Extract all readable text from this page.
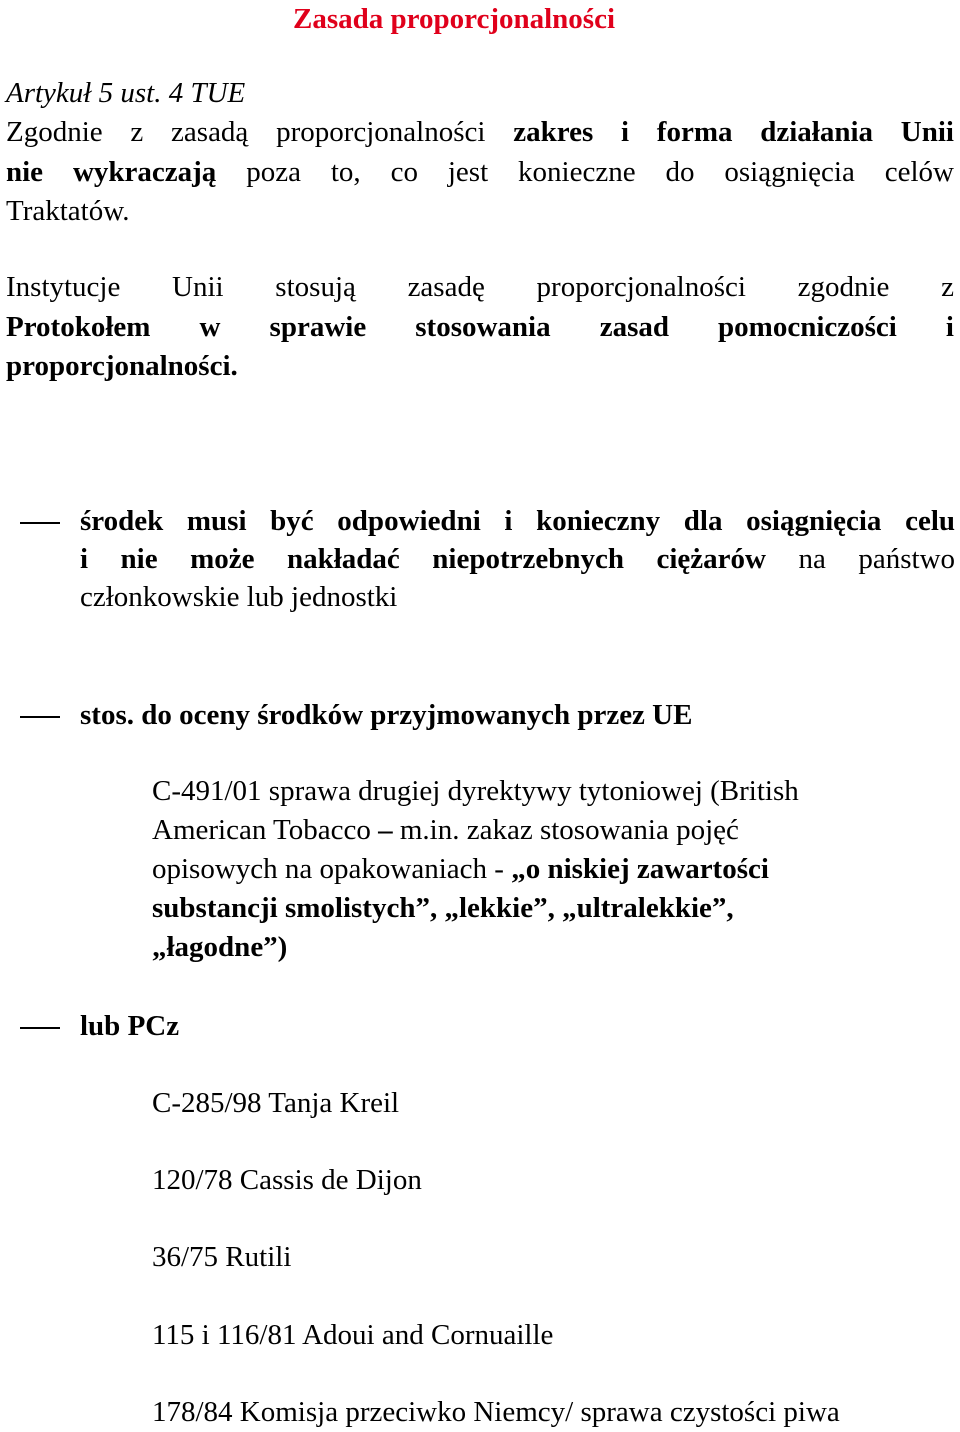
Zasada proporcjonalności
Artykuł 5 ust. 4 TUE
Zgodnie z zasadą proporcjonalności zakres i forma działania Unii
nie wykraczają poza to, co jest konieczne do osiągnięcia celów
Traktatów.
Instytucje Unii stosują zasadę proporcjonalności zgodnie z
Protokołem w sprawie stosowania zasad pomocniczości i
proporcjonalności.
środek musi być odpowiedni i konieczny dla osiągnięcia celu
i nie może nakładać niepotrzebnych ciężarów na państwo
członkowskie lub jednostki
stos. do oceny środków przyjmowanych przez UE
C-491/01 sprawa drugiej dyrektywy tytoniowej (British
American Tobacco – m.in. zakaz stosowania pojęć
opisowych na opakowaniach - „o niskiej zawartości
substancji smolistych”, „lekkie”, „ultralekkie”,
„łagodne”)
lub PCz
C-285/98 Tanja Kreil
120/78 Cassis de Dijon
36/75 Rutili
115 i 116/81 Adoui and Cornuaille
178/84 Komisja przeciwko Niemcy/ sprawa czystości piwa
